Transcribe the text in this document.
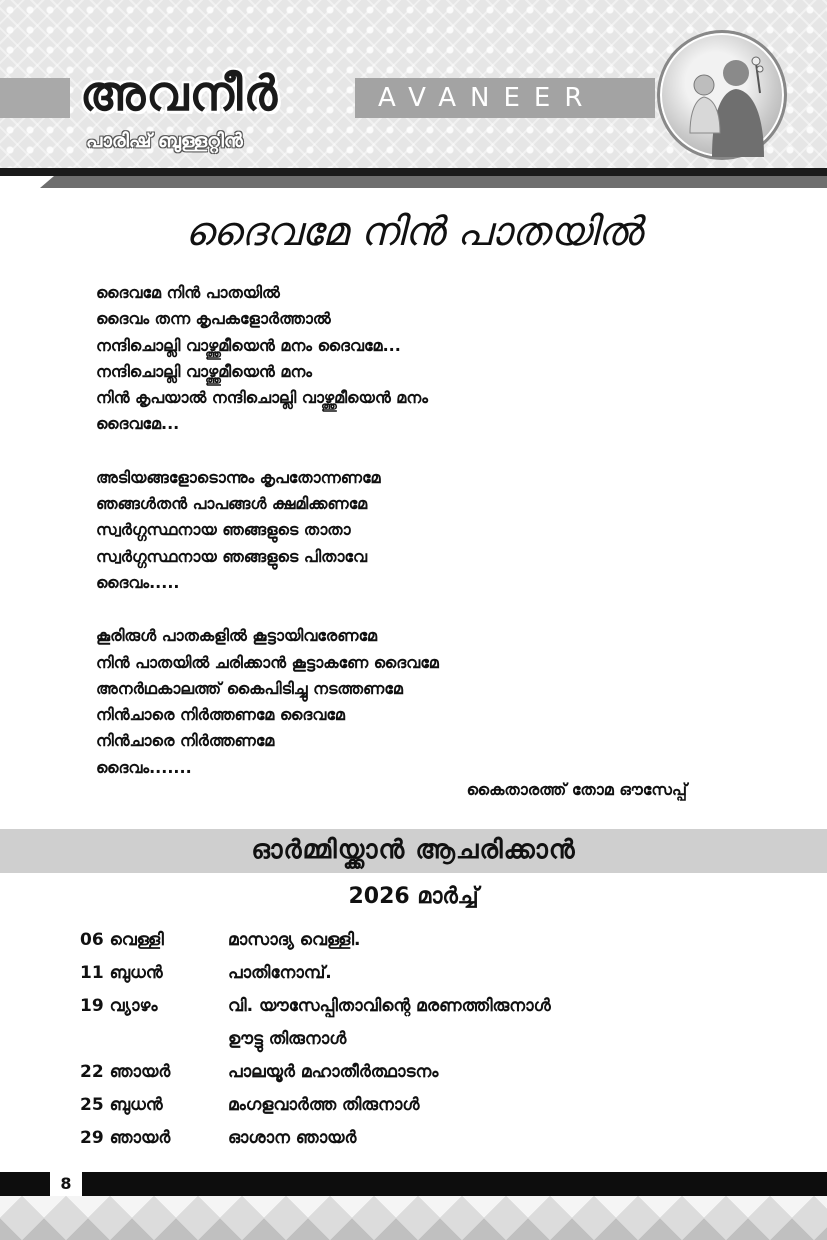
അവനീർ
പാരിഷ് ബുള്ളറ്റിൻ
AVANEER
ദൈവമേ നിൻ പാതയിൽ
ദൈവമേ നിൻ പാതയിൽ
ദൈവം തന്ന കൃപകളോർത്താൽ
നന്ദിചൊല്ലി വാഴ്ത്തുമീയെൻ മനം ദൈവമേ...
നന്ദിചൊല്ലി വാഴ്ത്തുമീയെൻ മനം
നിൻ കൃപയാൽ നന്ദിചൊല്ലി വാഴ്ത്തുമീയെൻ മനം
ദൈവമേ...
അടിയങ്ങളോടൊന്നും കൃപതോന്നണമേ
ഞങ്ങൾതൻ പാപങ്ങൾ ക്ഷമിക്കണമേ
സ്വർഗ്ഗസ്ഥനായ ഞങ്ങളുടെ താതാ
സ്വർഗ്ഗസ്ഥനായ ഞങ്ങളുടെ പിതാവേ
ദൈവം.....
കൂരിരുൾ പാതകളിൽ കൂട്ടായിവരേണമേ
നിൻ പാതയിൽ ചരിക്കാൻ കൂട്ടാകണേ ദൈവമേ
അനർഥകാലത്ത് കൈപിടിച്ചു നടത്തണമേ
നിൻചാരെ നിർത്തണമേ ദൈവമേ
നിൻചാരെ നിർത്തണമേ
ദൈവം.......
കൈതാരത്ത് തോമ ഔസേപ്പ്
ഓർമ്മിയ്ക്കാൻ ആചരിക്കാൻ
2026 മാർച്ച്
06 വെള്ളി	മാസാദ്യ വെള്ളി.
11 ബുധൻ	പാതിനോമ്പ്.
19 വ്യാഴം	വി. യൗസേപ്പിതാവിന്റെ മരണത്തിരുനാൾ
ഊട്ടു തിരുനാൾ
22 ഞായർ	പാലയൂർ മഹാതീർത്ഥാടനം
25 ബുധൻ	മംഗളവാർത്ത തിരുനാൾ
29 ഞായർ	ഓശാന ഞായർ
8
